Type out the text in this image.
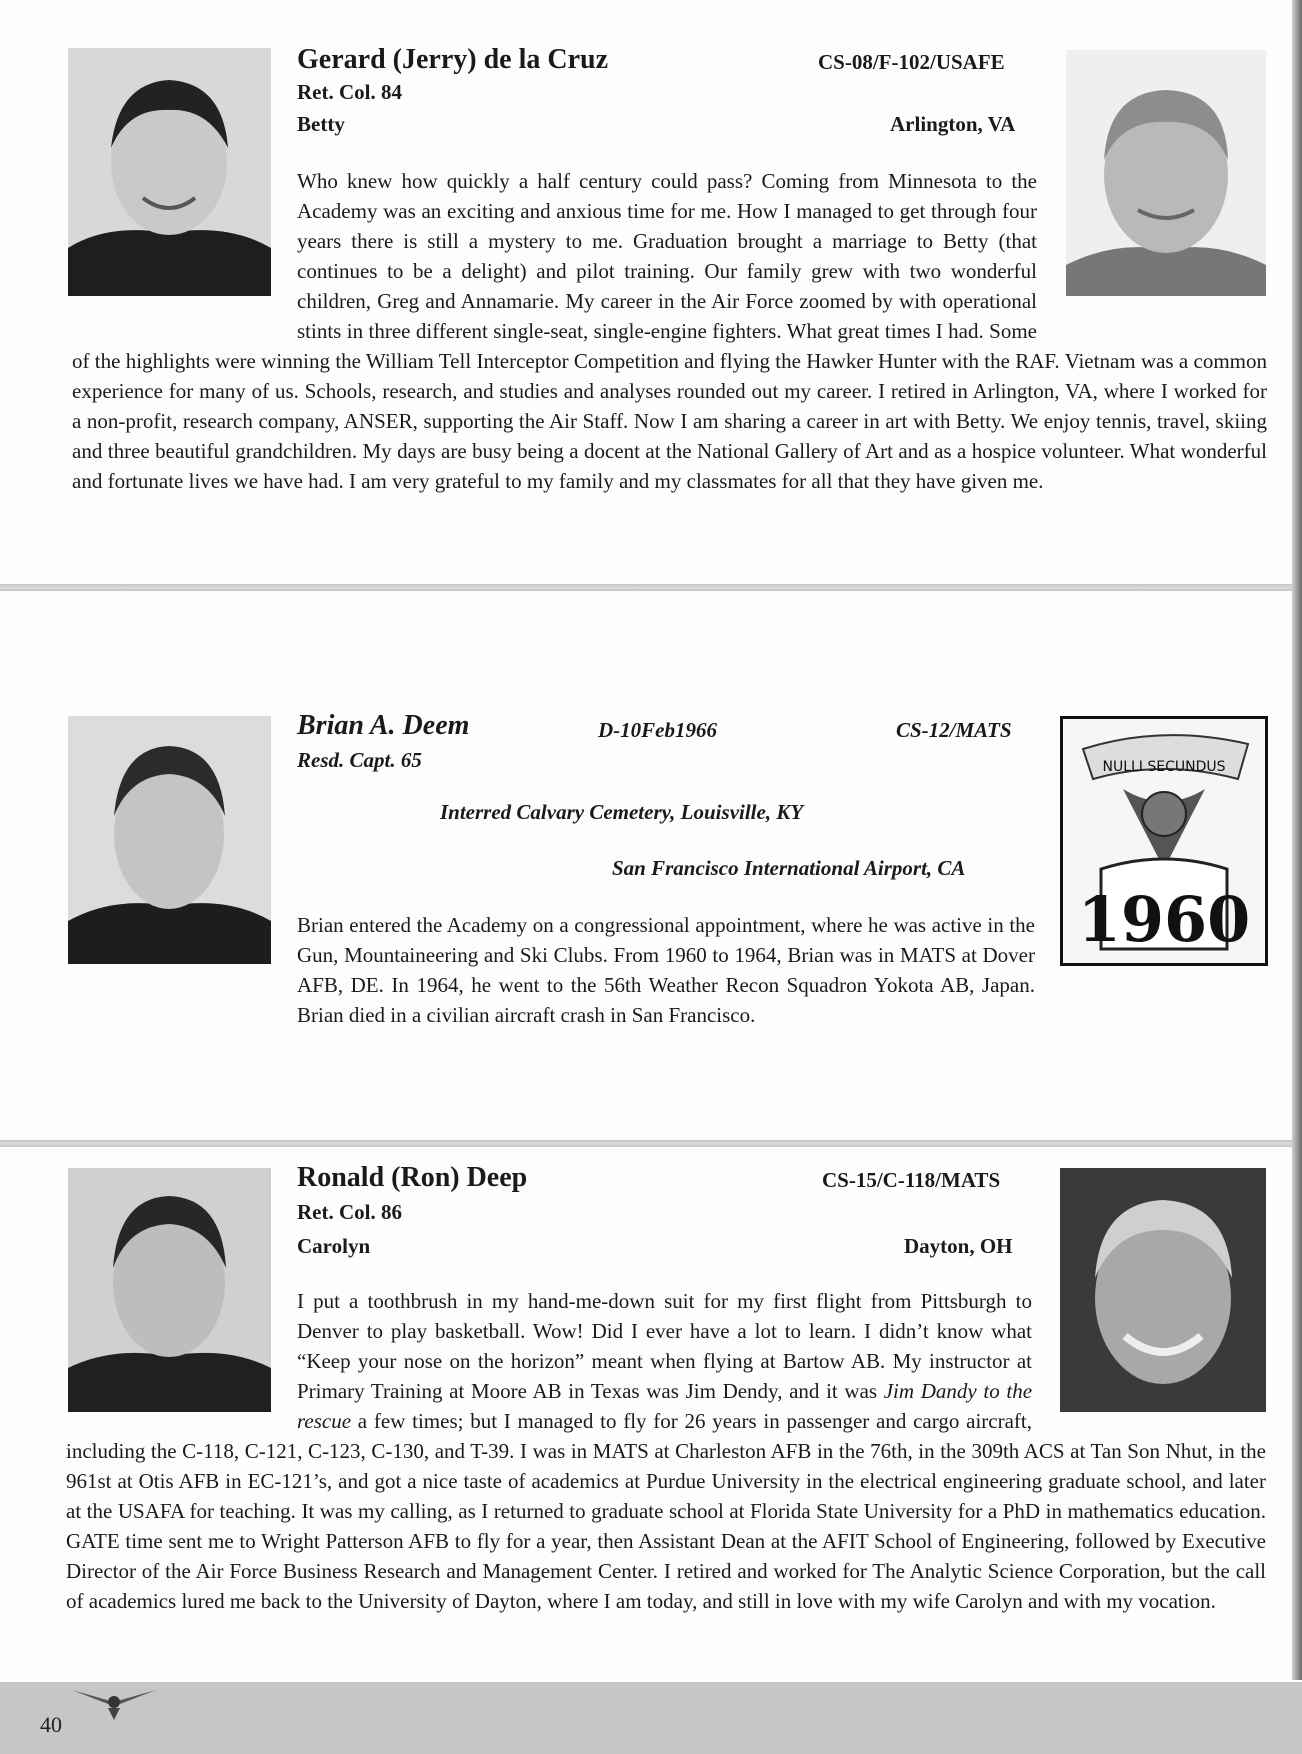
Gerard (Jerry) de la Cruz	CS-08/F-102/USAFE
Ret. Col. 84
Betty	Arlington, VA

Who knew how quickly a half century could pass? Coming from Minnesota to the Academy was an exciting and anxious time for me. How I managed to get through four years there is still a mystery to me. Graduation brought a marriage to Betty (that continues to be a delight) and pilot training. Our family grew with two wonderful children, Greg and Annamarie. My career in the Air Force zoomed by with operational stints in three different single-seat, single-engine fighters. What great times I had. Some of the highlights were winning the William Tell Interceptor Competition and flying the Hawker Hunter with the RAF. Vietnam was a common experience for many of us. Schools, research, and studies and analyses rounded out my career. I retired in Arlington, VA, where I worked for a non-profit, research company, ANSER, supporting the Air Staff. Now I am sharing a career in art with Betty. We enjoy tennis, travel, skiing and three beautiful grandchildren. My days are busy being a docent at the National Gallery of Art and as a hospice volunteer. What wonderful and fortunate lives we have had. I am very grateful to my family and my classmates for all that they have given me.

1960
NULLI SECUNDUS
Brian A. Deem	D-10Feb1966	CS-12/MATS
Resd. Capt. 65
Interred Calvary Cemetery, Louisville, KY
San Francisco International Airport, CA

Brian entered the Academy on a congressional appointment, where he was active in the Gun, Mountaineering and Ski Clubs. From 1960 to 1964, Brian was in MATS at Dover AFB, DE. In 1964, he went to the 56th Weather Recon Squadron Yokota AB, Japan. Brian died in a civilian aircraft crash in San Francisco.

Ronald (Ron) Deep	CS-15/C-118/MATS
Ret. Col. 86
Carolyn	Dayton, OH

I put a toothbrush in my hand-me-down suit for my first flight from Pittsburgh to Denver to play basketball. Wow! Did I ever have a lot to learn. I didn’t know what “Keep your nose on the horizon” meant when flying at Bartow AB. My instructor at Primary Training at Moore AB in Texas was Jim Dendy, and it was Jim Dandy to the rescue a few times; but I managed to fly for 26 years in passenger and cargo aircraft, including the C-118, C-121, C-123, C-130, and T-39. I was in MATS at Charleston AFB in the 76th, in the 309th ACS at Tan Son Nhut, in the 961st at Otis AFB in EC-121’s, and got a nice taste of academics at Purdue University in the electrical engineering graduate school, and later at the USAFA for teaching. It was my calling, as I returned to graduate school at Florida State University for a PhD in mathematics education. GATE time sent me to Wright Patterson AFB to fly for a year, then Assistant Dean at the AFIT School of Engineering, followed by Executive Director of the Air Force Business Research and Management Center. I retired and worked for The Analytic Science Corporation, but the call of academics lured me back to the University of Dayton, where I am today, and still in love with my wife Carolyn and with my vocation.

40
